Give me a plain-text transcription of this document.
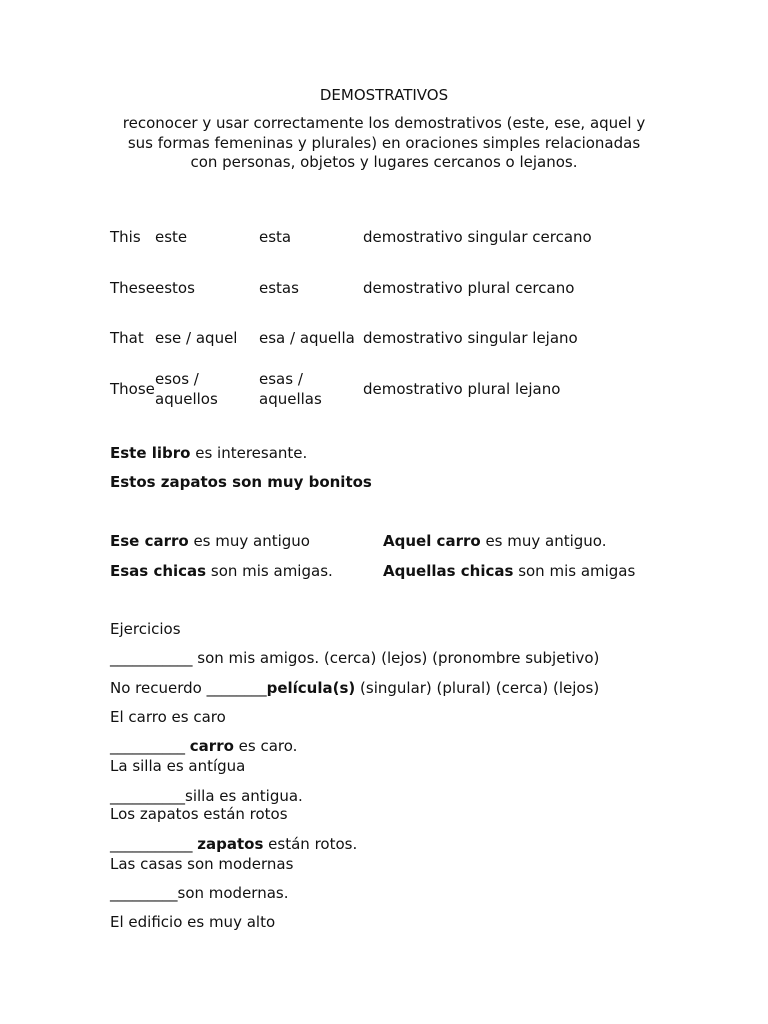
DEMOSTRATIVOS
reconocer y usar correctamente los demostrativos (este, ese, aquel y
sus formas femeninas y plurales) en oraciones simples relacionadas
con personas, objetos y lugares cercanos o lejanos.
This	este	esta	demostrativo singular cercano

These	estos	estas	demostrativo plural cercano
That	ese / aquel	esa / aquella	demostrativo singular lejano

Those	esos / aquellos	esas / aquellas	demostrativo plural lejano
Este libro es interesante.
Estos zapatos son muy bonitos
Ese carro es muy antiguo	Aquel carro es muy antiguo.
Esas chicas son mis amigas.	Aquellas chicas son mis amigas
Ejercicios
___________ son mis amigos. (cerca) (lejos) (pronombre subjetivo)
No recuerdo ________película(s) (singular) (plural) (cerca) (lejos)
El carro es caro
__________ carro es caro.
La silla es antígua
__________silla es antigua.
Los zapatos están rotos
___________ zapatos están rotos.
Las casas son modernas
_________son modernas.
El edificio es muy alto
